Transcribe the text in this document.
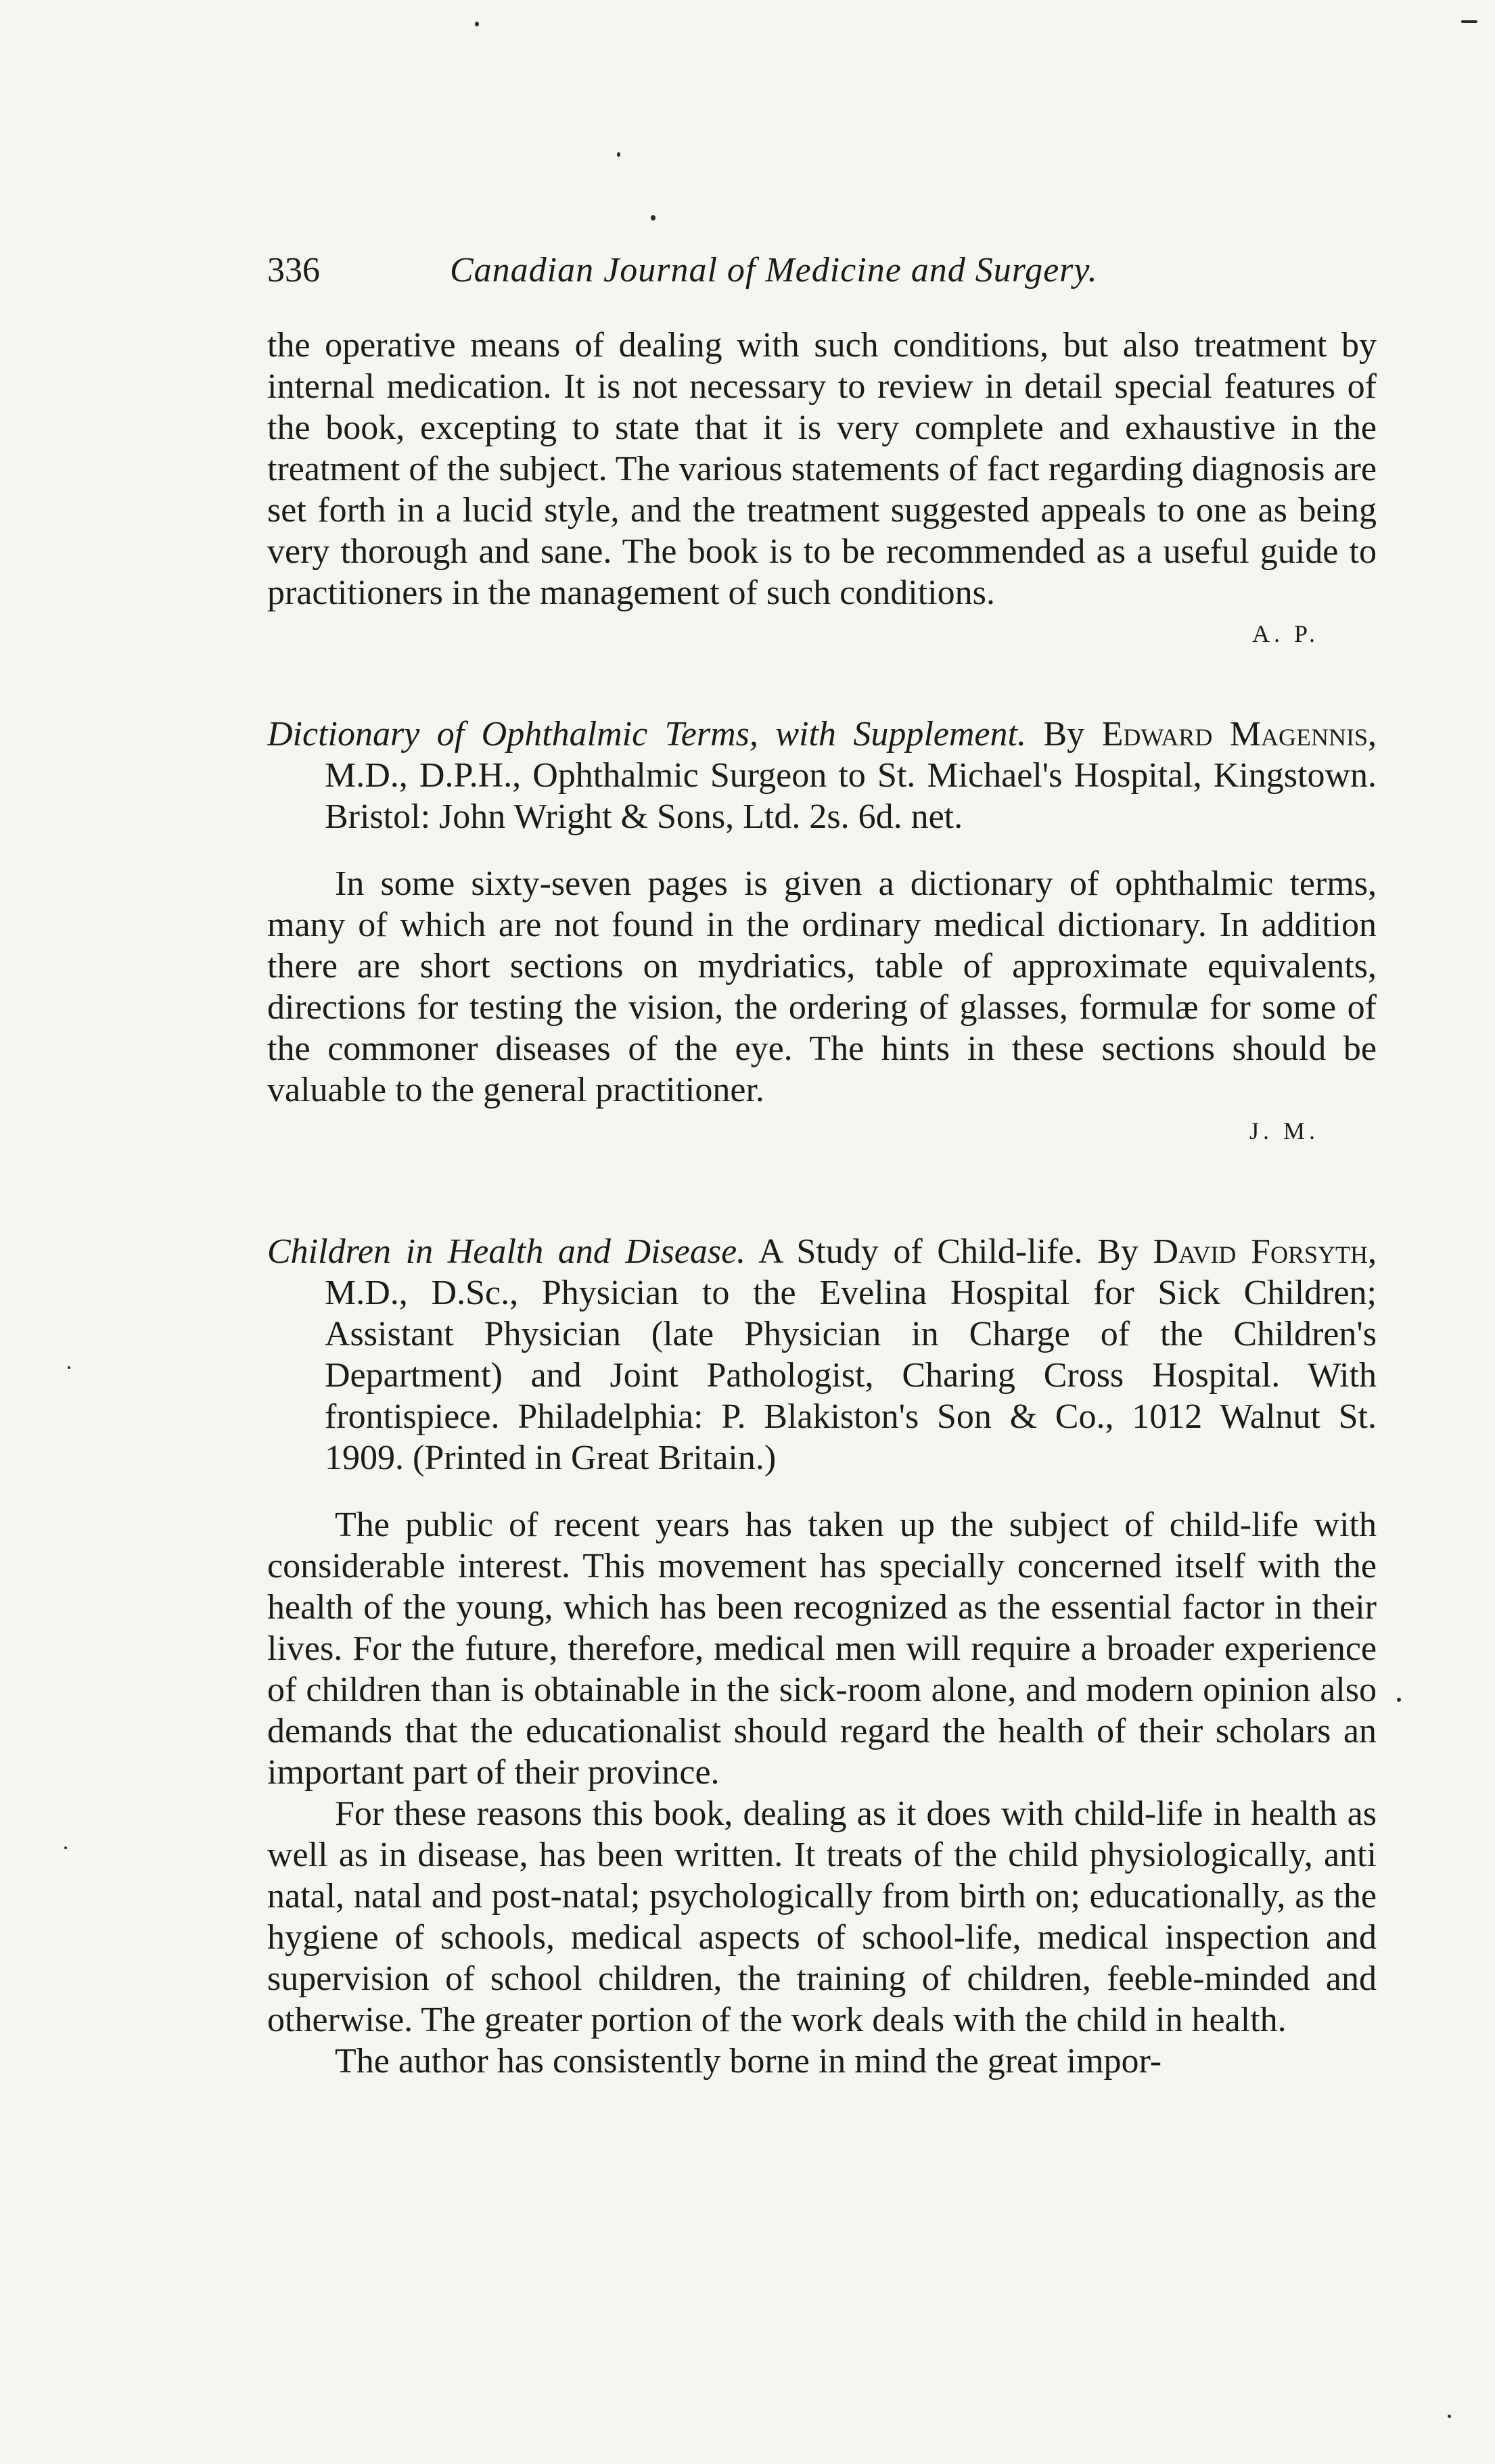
336	Canadian Journal of Medicine and Surgery.

the operative means of dealing with such conditions, but also treatment by internal medication. It is not necessary to review in detail special features of the book, excepting to state that it is very complete and exhaustive in the treatment of the subject. The various statements of fact regarding diagnosis are set forth in a lucid style, and the treatment suggested appeals to one as being very thorough and sane. The book is to be recommended as a useful guide to practitioners in the management of such conditions.

A. P.

Dictionary of Ophthalmic Terms, with Supplement. By Edward Magennis, M.D., D.P.H., Ophthalmic Surgeon to St. Michael's Hospital, Kingstown. Bristol: John Wright & Sons, Ltd. 2s. 6d. net.

In some sixty-seven pages is given a dictionary of ophthalmic terms, many of which are not found in the ordinary medical dictionary. In addition there are short sections on mydriatics, table of approximate equivalents, directions for testing the vision, the ordering of glasses, formulæ for some of the commoner diseases of the eye. The hints in these sections should be valuable to the general practitioner.

J. M.

Children in Health and Disease. A Study of Child-life. By David Forsyth, M.D., D.Sc., Physician to the Evelina Hospital for Sick Children; Assistant Physician (late Physician in Charge of the Children's Department) and Joint Pathologist, Charing Cross Hospital. With frontispiece. Philadelphia: P. Blakiston's Son & Co., 1012 Walnut St. 1909. (Printed in Great Britain.)

The public of recent years has taken up the subject of child-life with considerable interest. This movement has specially concerned itself with the health of the young, which has been recognized as the essential factor in their lives. For the future, therefore, medical men will require a broader experience of children than is obtainable in the sick-room alone, and modern opinion also demands that the educationalist should regard the health of their scholars an important part of their province.

For these reasons this book, dealing as it does with child-life in health as well as in disease, has been written. It treats of the child physiologically, anti natal, natal and post-natal; psychologically from birth on; educationally, as the hygiene of schools, medical aspects of school-life, medical inspection and supervision of school children, the training of children, feeble-minded and otherwise. The greater portion of the work deals with the child in health.

The author has consistently borne in mind the great impor-
